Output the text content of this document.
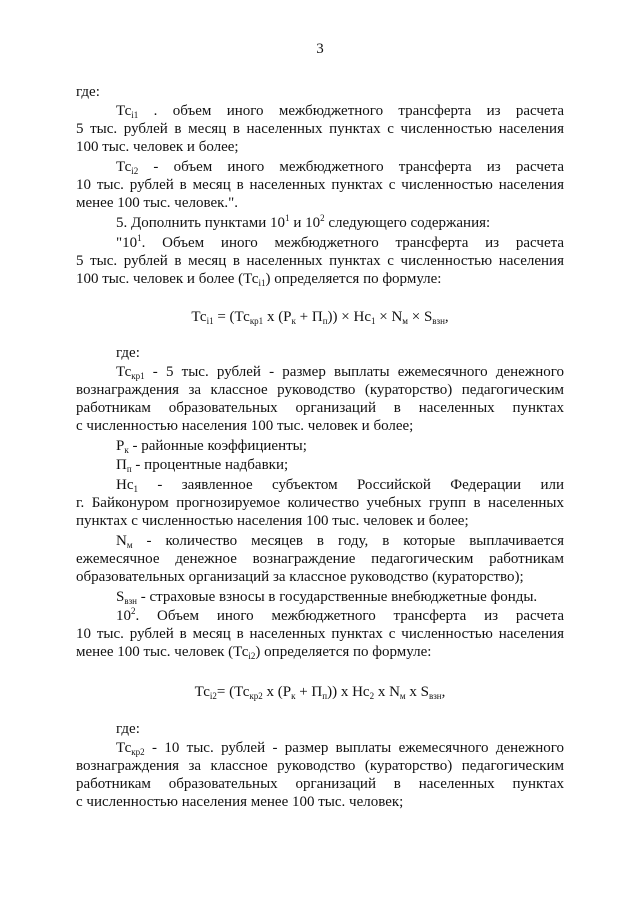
3
где:
$Тс_{i1}$ . объем иного межбюджетного трансферта из расчета
5 тыс. рублей в месяц в населенных пунктах с численностью населения
100 тыс. человек и более;
$Тс_{i2}$ - объем иного межбюджетного трансферта из расчета
10 тыс. рублей в месяц в населенных пунктах с численностью населения
менее 100 тыс. человек.".
5. Дополнить пунктами $10^1$ и $10^2$ следующего содержания:
"$10^1$. Объем иного межбюджетного трансферта из расчета
5 тыс. рублей в месяц в населенных пунктах с численностью населения
100 тыс. человек и более $(Тс_{i1})$ определяется по формуле:
$Тс_{i1} = (Тс_{кр1}$ х $(Р_к + П_п)) \times Нс_1 \times N_м \times S_{взн}$,
где:
$Тс_{кр1} - 5$ тыс. рублей - размер выплаты ежемесячного денежного
вознаграждения за классное руководство (кураторство) педагогическим
работникам образовательных организаций в населенных пунктах
с численностью населения 100 тыс. человек и более;
$Р_к$ - районные коэффициенты;
$П_п$ - процентные надбавки;
$Нс_1$ - заявленное субъектом Российской Федерации или
г. Байконуром прогнозируемое количество учебных групп в населенных
пунктах с численностью населения 100 тыс. человек и более;
$N_м$ - количество месяцев в году, в которые выплачивается
ежемесячное денежное вознаграждение педагогическим работникам
образовательных организаций за классное руководство (кураторство);
$S_{взн}$ - страховые взносы в государственные внебюджетные фонды.
$10^2$. Объем иного межбюджетного трансферта из расчета
10 тыс. рублей в месяц в населенных пунктах с численностью населения
менее 100 тыс. человек $(Тс_{i2})$ определяется по формуле:
$Тс_{i2}= (Тс_{кр2}$ х $(Р_к + П_п)$) х $Нс_2$ х $N_м$ х $S_{взн}$,
где:
$Тс_{кр2} - 10$ тыс. рублей - размер выплаты ежемесячного денежного
вознаграждения за классное руководство (кураторство) педагогическим
работникам образовательных организаций в населенных пунктах
с численностью населения менее 100 тыс. человек;
